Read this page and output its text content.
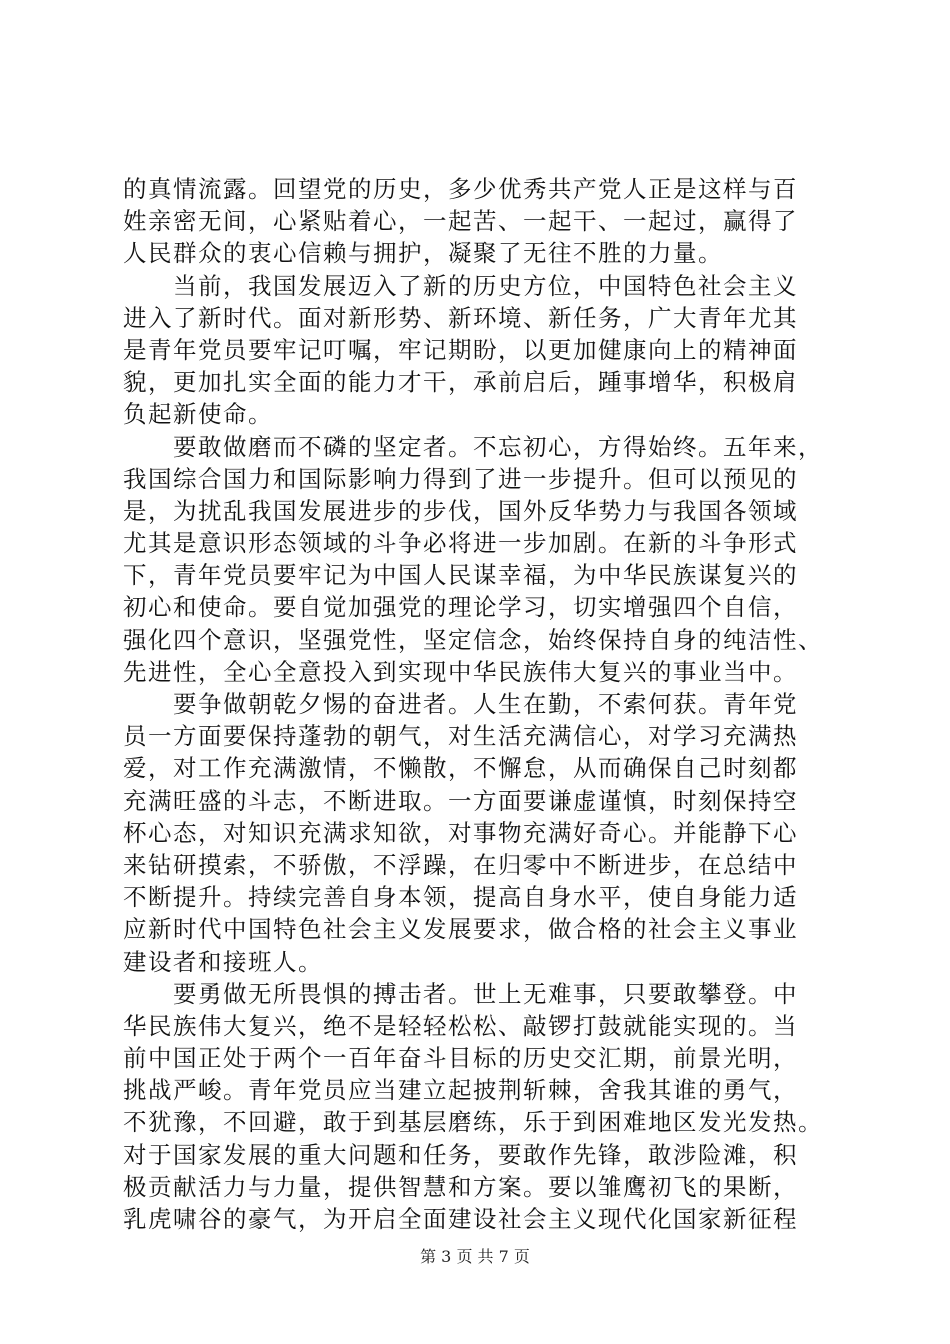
的真情流露。回望党的历史，多少优秀共产党人正是这样与百
姓亲密无间，心紧贴着心，一起苦、一起干、一起过，赢得了
人民群众的衷心信赖与拥护，凝聚了无往不胜的力量。
　　当前，我国发展迈入了新的历史方位，中国特色社会主义
进入了新时代。面对新形势、新环境、新任务，广大青年尤其
是青年党员要牢记叮嘱，牢记期盼，以更加健康向上的精神面
貌，更加扎实全面的能力才干，承前启后，踵事增华，积极肩
负起新使命。
　　要敢做磨而不磷的坚定者。不忘初心，方得始终。五年来，
我国综合国力和国际影响力得到了进一步提升。但可以预见的
是，为扰乱我国发展进步的步伐，国外反华势力与我国各领域
尤其是意识形态领域的斗争必将进一步加剧。在新的斗争形式
下，青年党员要牢记为中国人民谋幸福，为中华民族谋复兴的
初心和使命。要自觉加强党的理论学习，切实增强四个自信，
强化四个意识，坚强党性，坚定信念，始终保持自身的纯洁性、
先进性，全心全意投入到实现中华民族伟大复兴的事业当中。
　　要争做朝乾夕惕的奋进者。人生在勤，不索何获。青年党
员一方面要保持蓬勃的朝气，对生活充满信心，对学习充满热
爱，对工作充满激情，不懒散，不懈怠，从而确保自己时刻都
充满旺盛的斗志，不断进取。一方面要谦虚谨慎，时刻保持空
杯心态，对知识充满求知欲，对事物充满好奇心。并能静下心
来钻研摸索，不骄傲，不浮躁，在归零中不断进步，在总结中
不断提升。持续完善自身本领，提高自身水平，使自身能力适
应新时代中国特色社会主义发展要求，做合格的社会主义事业
建设者和接班人。
　　要勇做无所畏惧的搏击者。世上无难事，只要敢攀登。中
华民族伟大复兴，绝不是轻轻松松、敲锣打鼓就能实现的。当
前中国正处于两个一百年奋斗目标的历史交汇期，前景光明，
挑战严峻。青年党员应当建立起披荆斩棘，舍我其谁的勇气，
不犹豫，不回避，敢于到基层磨练，乐于到困难地区发光发热。
对于国家发展的重大问题和任务，要敢作先锋，敢涉险滩，积
极贡献活力与力量，提供智慧和方案。要以雏鹰初飞的果断，
乳虎啸谷的豪气，为开启全面建设社会主义现代化国家新征程
第 3 页 共 7 页
